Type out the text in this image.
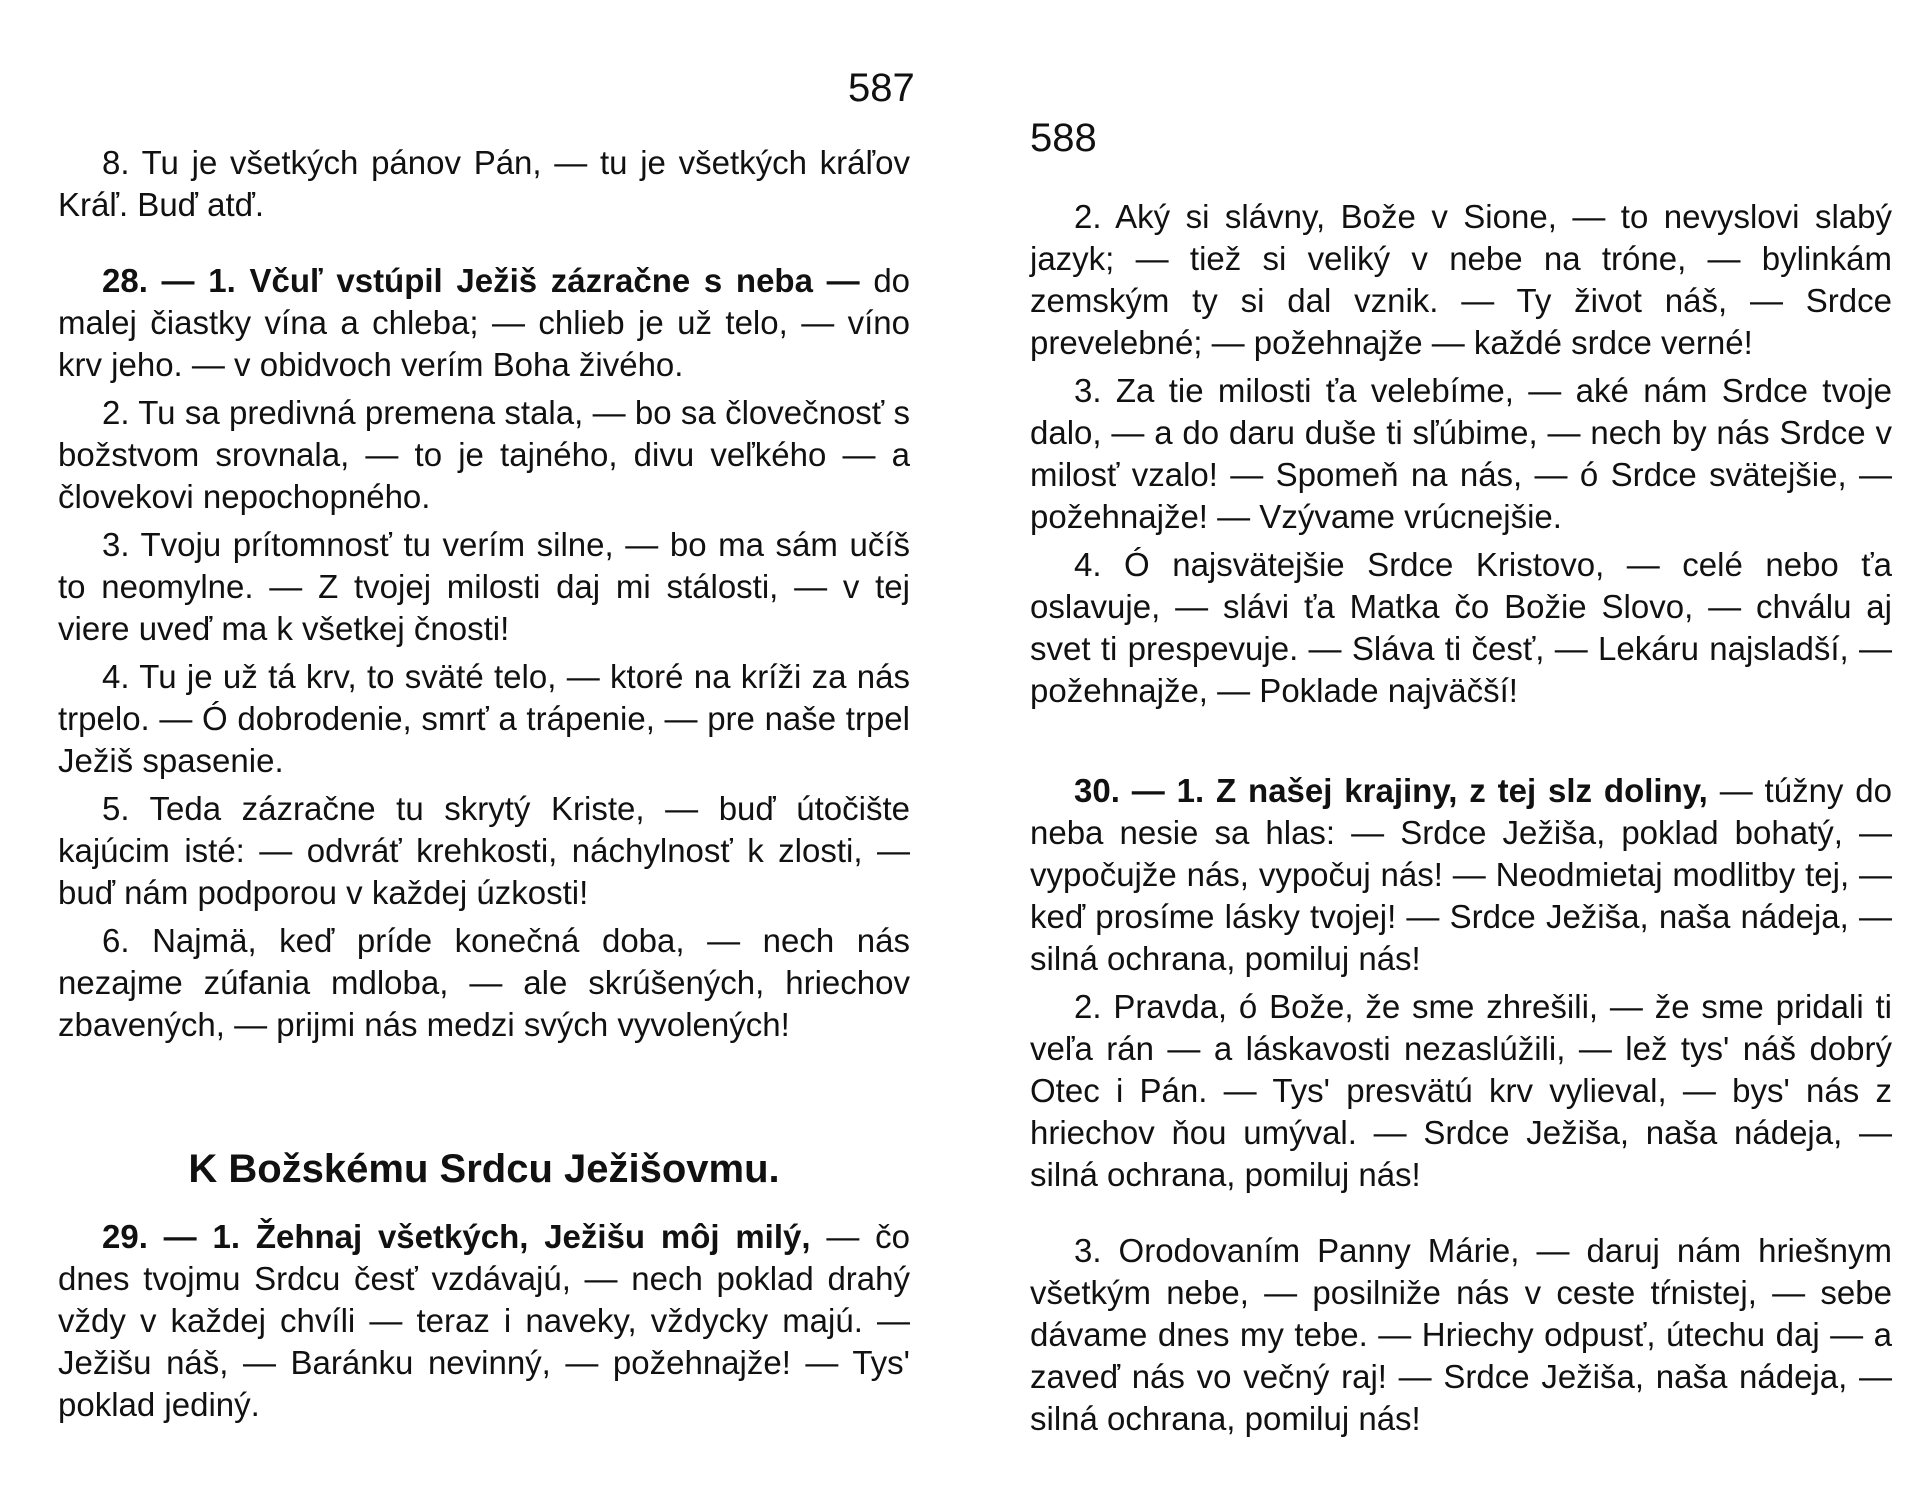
587

8. Tu je všetkých pánov Pán, — tu je všetkých kráľov Kráľ. Buď atď.

28. — 1. Včuľ vstúpil Ježiš zázračne s neba — do malej čiastky vína a chleba; — chlieb je už telo, — víno krv jeho. — v obidvoch verím Boha živého.

2. Tu sa predivná premena stala, — bo sa človečnosť s božstvom srovnala, — to je tajného, divu veľkého — a človekovi nepochopného.

3. Tvoju prítomnosť tu verím silne, — bo ma sám učíš to neomylne. — Z tvojej milosti daj mi stálosti, — v tej viere uveď ma k všetkej čnosti!

4. Tu je už tá krv, to sväté telo, — ktoré na kríži za nás trpelo. — Ó dobrodenie, smrť a trápenie, — pre naše trpel Ježiš spasenie.

5. Teda zázračne tu skrytý Kriste, — buď útočište kajúcim isté: — odvráť krehkosti, náchylnosť k zlosti, — buď nám podporou v každej úzkosti!

6. Najmä, keď príde konečná doba, — nech nás nezajme zúfania mdloba, — ale skrúšených, hriechov zbavených, — prijmi nás medzi svých vyvolených!

K Božskému Srdcu Ježišovmu.

29. — 1. Žehnaj všetkých, Ježišu môj milý, — čo dnes tvojmu Srdcu česť vzdávajú, — nech poklad drahý vždy v každej chvíli — teraz i naveky, vždycky majú. — Ježišu náš, — Baránku nevinný, — požehnajže! — Tys' poklad jediný.

588

2. Aký si slávny, Bože v Sione, — to nevyslovi slabý jazyk; — tiež si veliký v nebe na tróne, — bylinkám zemským ty si dal vznik. — Ty život náš, — Srdce prevelebné; — požehnajže — každé srdce verné!

3. Za tie milosti ťa velebíme, — aké nám Srdce tvoje dalo, — a do daru duše ti sľúbime, — nech by nás Srdce v milosť vzalo! — Spomeň na nás, — ó Srdce svätejšie, — požehnajže! — Vzývame vrúcnejšie.

4. Ó najsvätejšie Srdce Kristovo, — celé nebo ťa oslavuje, — slávi ťa Matka čo Božie Slovo, — chválu aj svet ti prespevuje. — Sláva ti česť, — Lekáru najsladší, — požehnajže, — Poklade najväčší!

30. — 1. Z našej krajiny, z tej slz doliny, — túžny do neba nesie sa hlas: — Srdce Ježiša, poklad bohatý, — vypočujže nás, vypočuj nás! — Neodmietaj modlitby tej, — keď prosíme lásky tvojej! — Srdce Ježiša, naša nádeja, — silná ochrana, pomiluj nás!

2. Pravda, ó Bože, že sme zhrešili, — že sme pridali ti veľa rán — a láskavosti nezaslúžili, — lež tys' náš dobrý Otec i Pán. — Tys' presvätú krv vylieval, — bys' nás z hriechov ňou umýval. — Srdce Ježiša, naša nádeja, — silná ochrana, pomiluj nás!

3. Orodovaním Panny Márie, — daruj nám hriešnym všetkým nebe, — posilniže nás v ceste tŕnistej, — sebe dávame dnes my tebe. — Hriechy odpusť, útechu daj — a zaveď nás vo večný raj! — Srdce Ježiša, naša nádeja, — silná ochrana, pomiluj nás!
